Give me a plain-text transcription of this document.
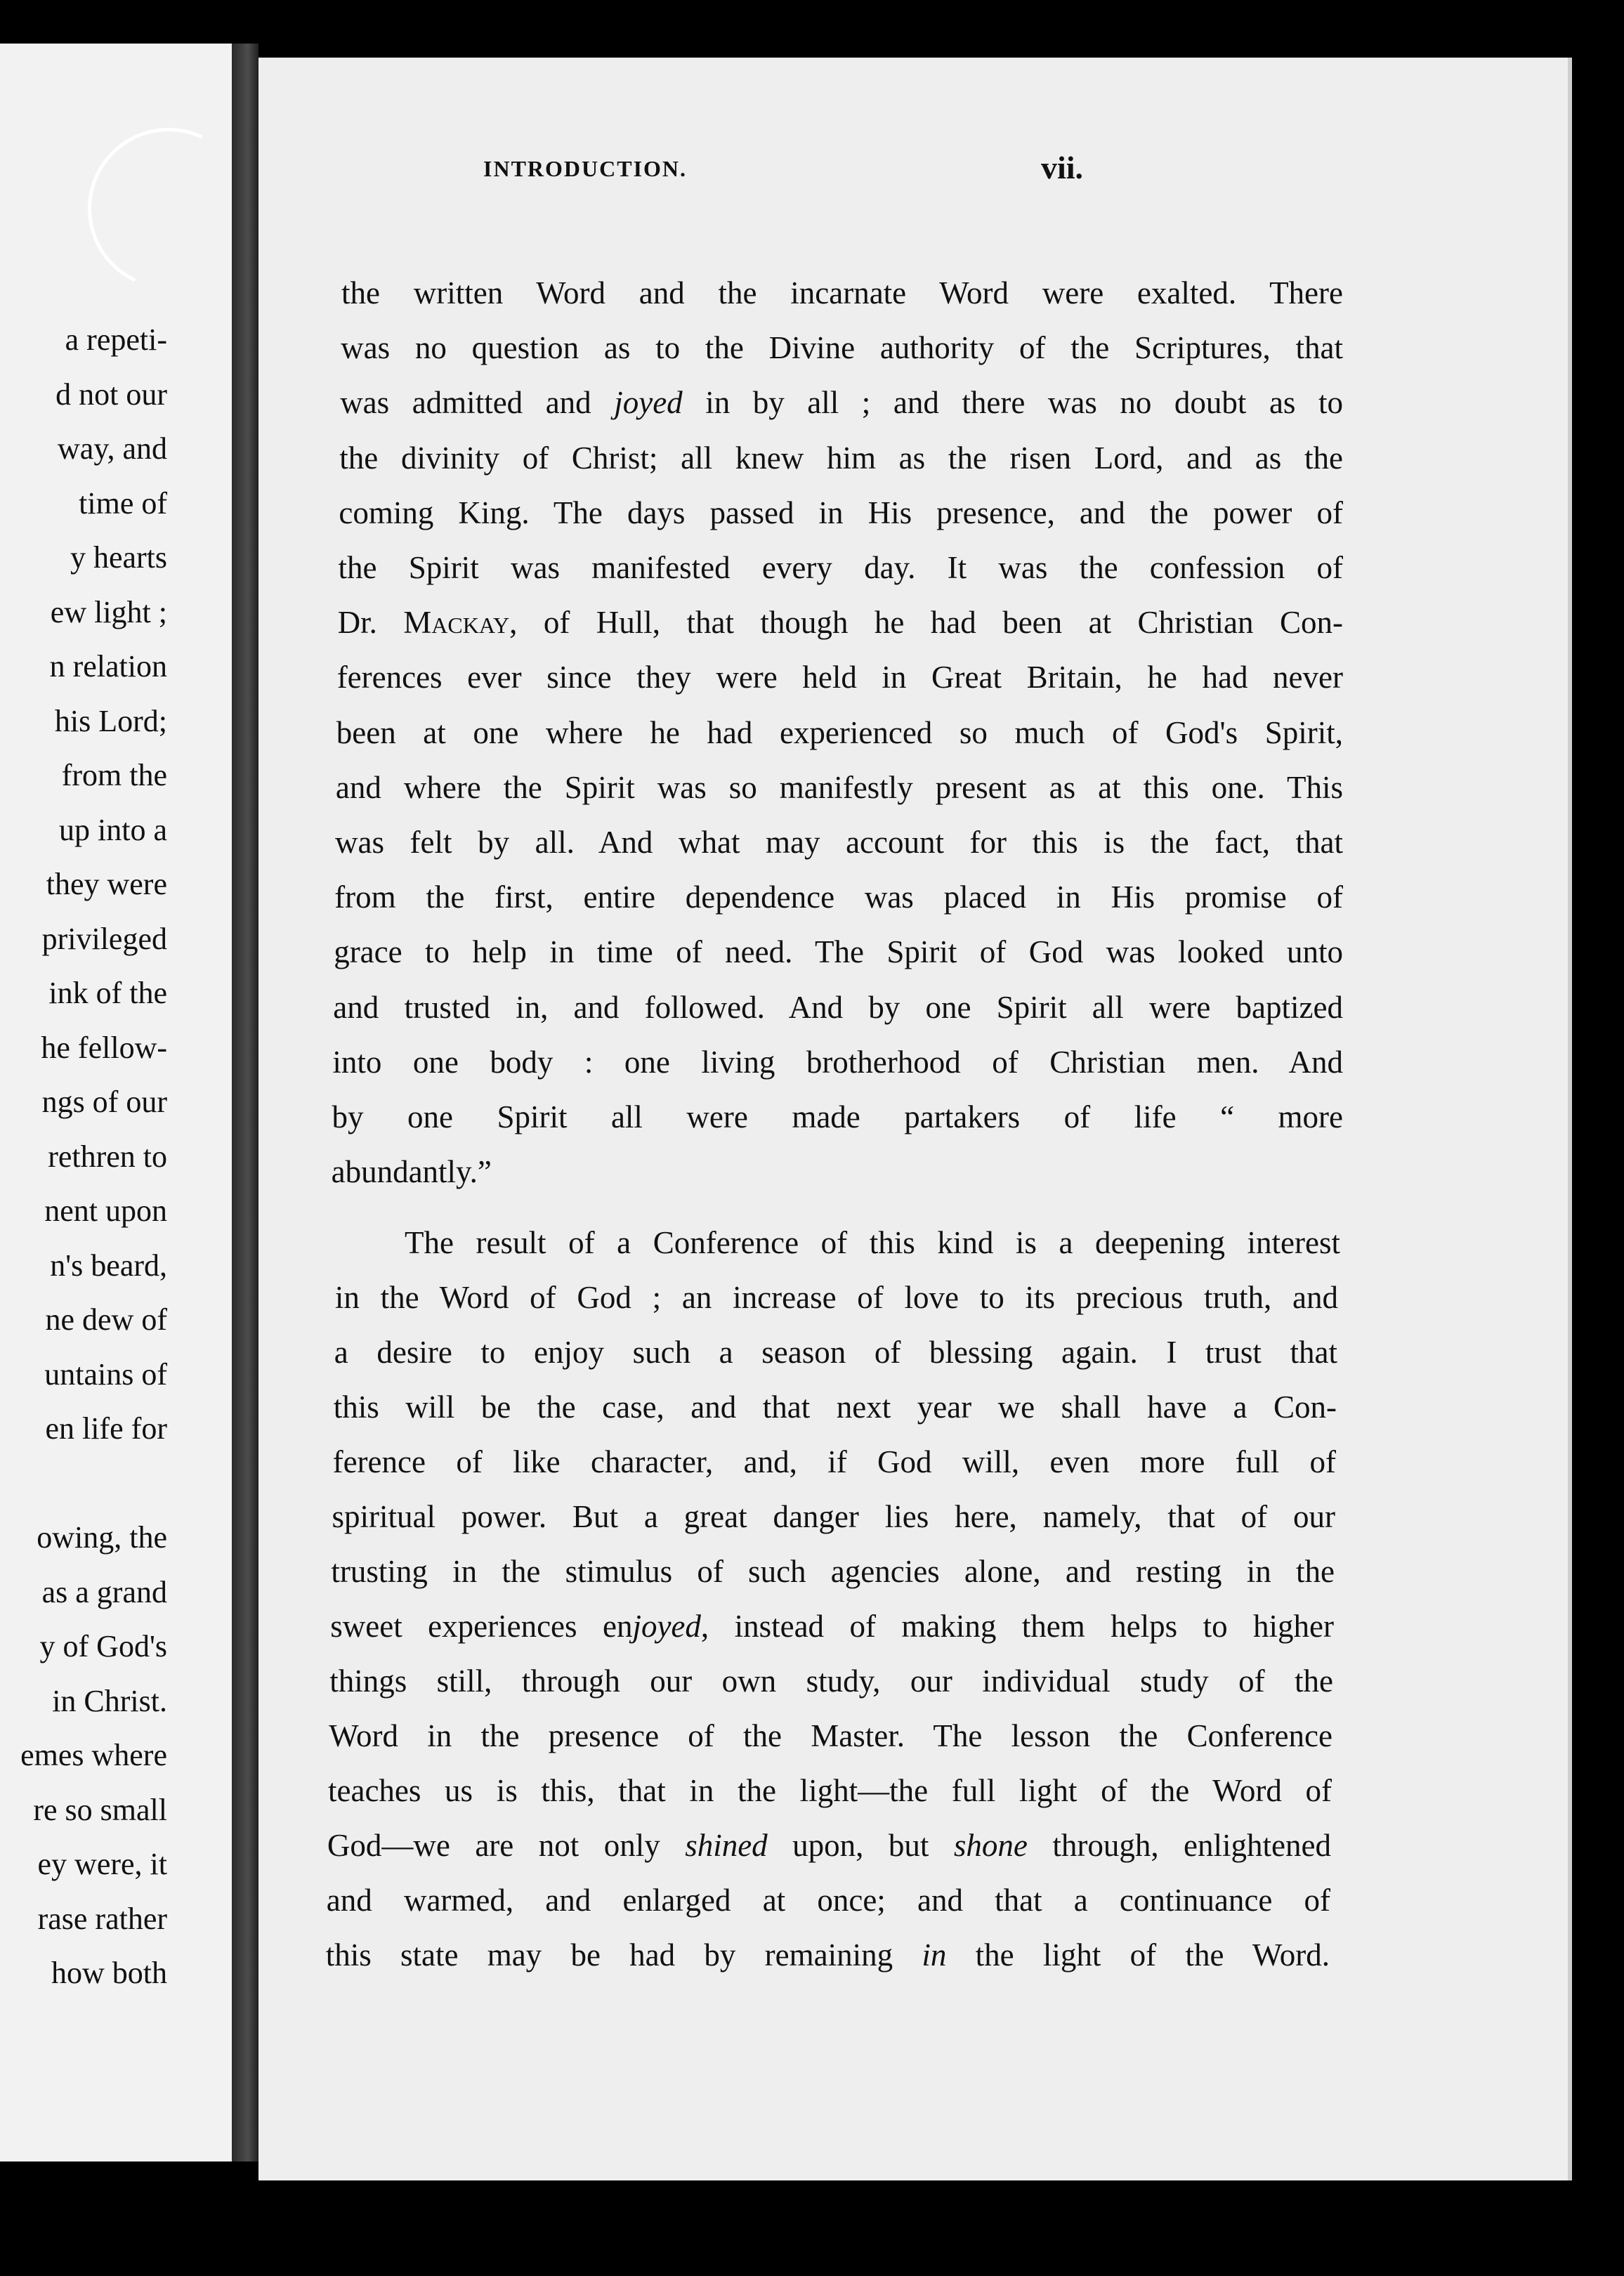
a repeti-
d not our
way, and
time of
y hearts
ew light ;
n relation
his Lord;
from the
up into a
they were
privileged
ink of the
he fellow-
ngs of our
rethren to
nent upon
n's beard,
ne dew of
untains of
en life for
owing, the
as a grand
y of God's
in Christ.
emes where
re so small
ey were, it
rase rather
how both
INTRODUCTION.	vii.
the written Word and the incarnate Word were exalted. There
was no question as to the Divine authority of the Scriptures, that
was admitted and joyed in by all ; and there was no doubt as to
the divinity of Christ; all knew him as the risen Lord, and as the
coming King. The days passed in His presence, and the power of
the Spirit was manifested every day. It was the confession of
Dr. Mackay, of Hull, that though he had been at Christian Con-
ferences ever since they were held in Great Britain, he had never
been at one where he had experienced so much of God's Spirit,
and where the Spirit was so manifestly present as at this one. This
was felt by all. And what may account for this is the fact, that
from the first, entire dependence was placed in His promise of
grace to help in time of need. The Spirit of God was looked unto
and trusted in, and followed. And by one Spirit all were baptized
into one body : one living brotherhood of Christian men. And
by one Spirit all were made partakers of life “ more
abundantly.”
The result of a Conference of this kind is a deepening interest
in the Word of God ; an increase of love to its precious truth, and
a desire to enjoy such a season of blessing again. I trust that
this will be the case, and that next year we shall have a Con-
ference of like character, and, if God will, even more full of
spiritual power. But a great danger lies here, namely, that of our
trusting in the stimulus of such agencies alone, and resting in the
sweet experiences enjoyed, instead of making them helps to higher
things still, through our own study, our individual study of the
Word in the presence of the Master. The lesson the Conference
teaches us is this, that in the light—the full light of the Word of
God—we are not only shined upon, but shone through, enlightened
and warmed, and enlarged at once; and that a continuance of
this state may be had by remaining in the light of the Word.
